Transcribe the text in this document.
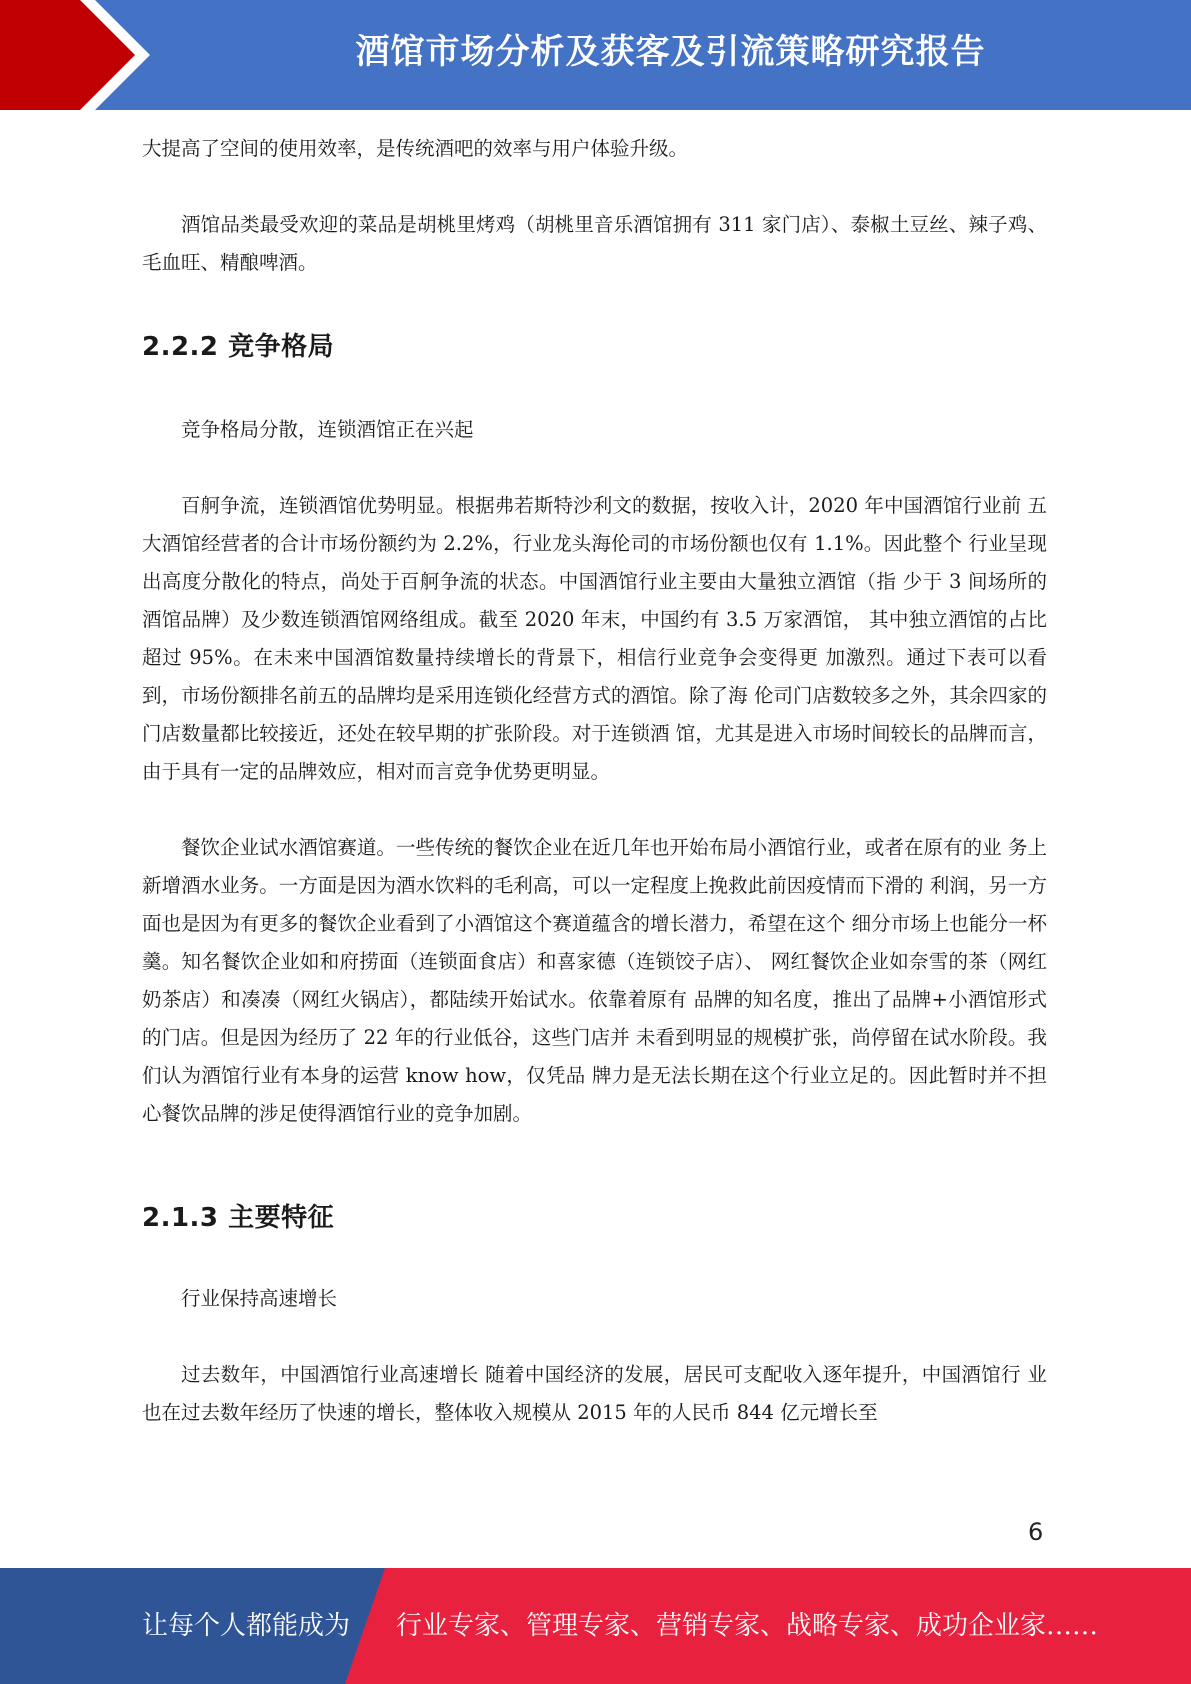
酒馆市场分析及获客及引流策略研究报告

大提高了空间的使用效率，是传统酒吧的效率与用户体验升级。

酒馆品类最受欢迎的菜品是胡桃里烤鸡（胡桃里音乐酒馆拥有 311 家门店）、泰椒土豆丝、辣子鸡、毛血旺、精酿啤酒。

2.2.2 竞争格局

竞争格局分散，连锁酒馆正在兴起

百舸争流，连锁酒馆优势明显。根据弗若斯特沙利文的数据，按收入计，2020 年中国酒馆行业前 五大酒馆经营者的合计市场份额约为 2.2%，行业龙头海伦司的市场份额也仅有 1.1%。因此整个 行业呈现出高度分散化的特点，尚处于百舸争流的状态。中国酒馆行业主要由大量独立酒馆（指 少于 3 间场所的酒馆品牌）及少数连锁酒馆网络组成。截至 2020 年末，中国约有 3.5 万家酒馆， 其中独立酒馆的占比超过 95%。在未来中国酒馆数量持续增长的背景下，相信行业竞争会变得更 加激烈。通过下表可以看到，市场份额排名前五的品牌均是采用连锁化经营方式的酒馆。除了海 伦司门店数较多之外，其余四家的门店数量都比较接近，还处在较早期的扩张阶段。对于连锁酒 馆，尤其是进入市场时间较长的品牌而言，由于具有一定的品牌效应，相对而言竞争优势更明显。

餐饮企业试水酒馆赛道。一些传统的餐饮企业在近几年也开始布局小酒馆行业，或者在原有的业 务上新增酒水业务。一方面是因为酒水饮料的毛利高，可以一定程度上挽救此前因疫情而下滑的 利润，另一方面也是因为有更多的餐饮企业看到了小酒馆这个赛道蕴含的增长潜力，希望在这个 细分市场上也能分一杯羹。知名餐饮企业如和府捞面（连锁面食店）和喜家德（连锁饺子店）、 网红餐饮企业如奈雪的茶（网红奶茶店）和凑凑（网红火锅店），都陆续开始试水。依靠着原有 品牌的知名度，推出了品牌+小酒馆形式的门店。但是因为经历了 22 年的行业低谷，这些门店并 未看到明显的规模扩张，尚停留在试水阶段。我们认为酒馆行业有本身的运营 know how，仅凭品 牌力是无法长期在这个行业立足的。因此暂时并不担心餐饮品牌的涉足使得酒馆行业的竞争加剧。

2.1.3 主要特征

行业保持高速增长

过去数年，中国酒馆行业高速增长 随着中国经济的发展，居民可支配收入逐年提升，中国酒馆行 业也在过去数年经历了快速的增长，整体收入规模从 2015 年的人民币 844 亿元增长至

6
让每个人都能成为 行业专家、管理专家、营销专家、战略专家、成功企业家……
